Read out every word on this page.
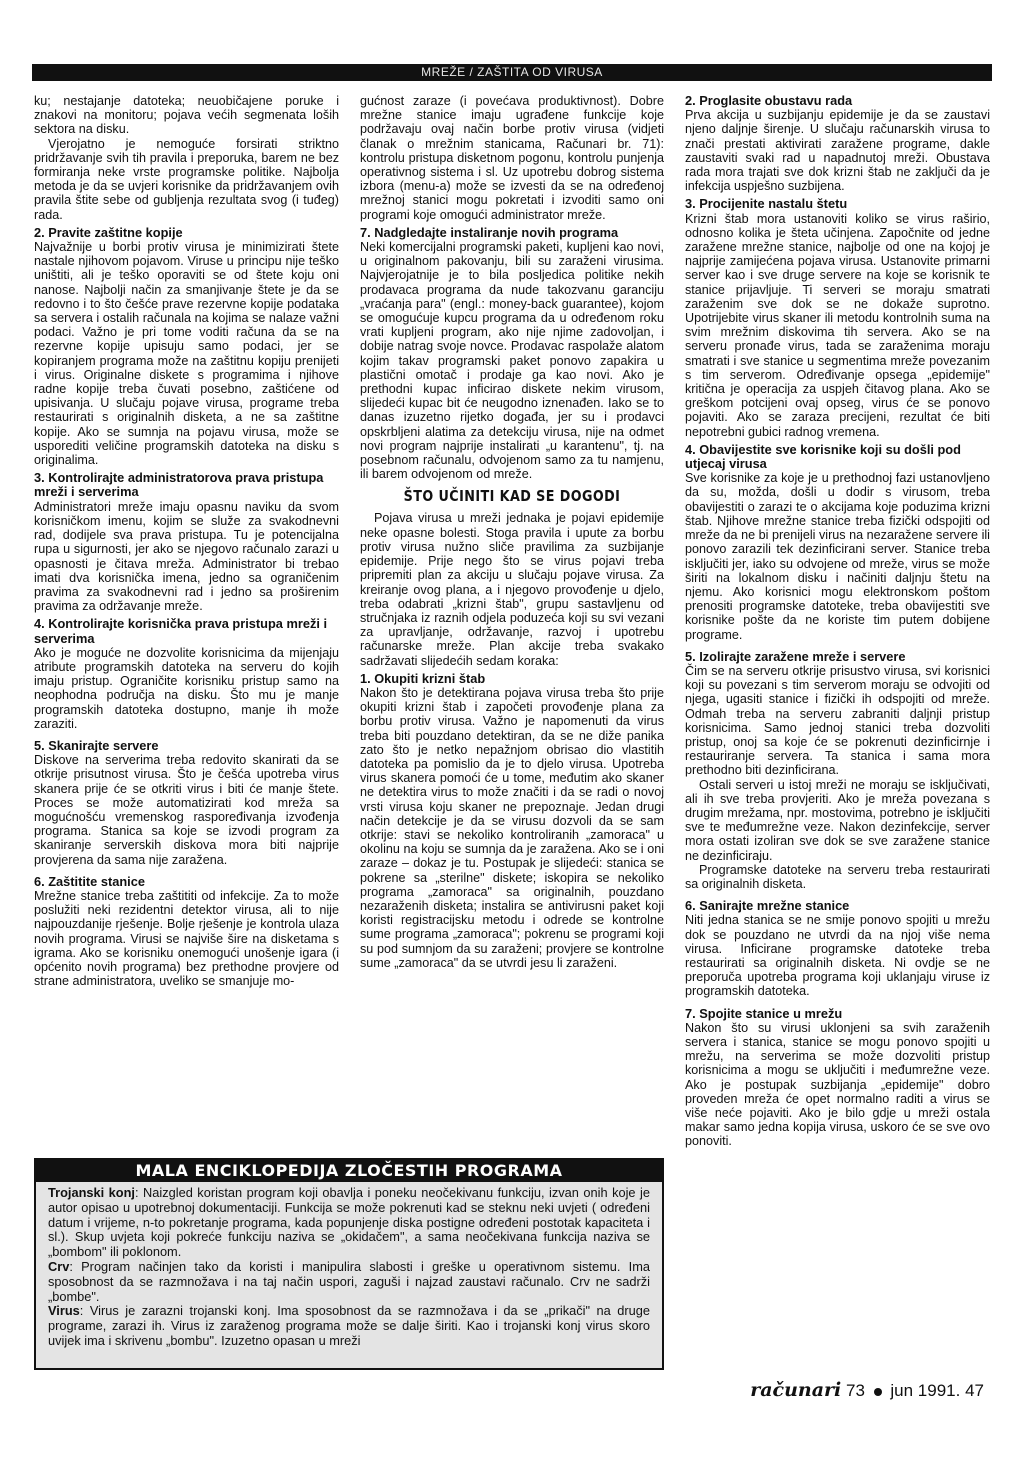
MREŽE / ZAŠTITA OD VIRUSA

ku; nestajanje datoteka; neuobičajene poruke i znakovi na monitoru; pojava većih segmenata loših sektora na disku.

Vjerojatno je nemoguće forsirati striktno pridržavanje svih tih pravila i preporuka, barem ne bez formiranja neke vrste programske politike. Najbolja metoda je da se uvjeri korisnike da pridržavanjem ovih pravila štite sebe od gubljenja rezultata svog (i tuđeg) rada.

2. Pravite zaštitne kopije

Najvažnije u borbi protiv virusa je minimizirati štete nastale njihovom pojavom. Viruse u principu nije teško uništiti, ali je teško oporaviti se od štete koju oni nanose. Najbolji način za smanjivanje štete je da se redovno i to što češće prave rezervne kopije podataka sa servera i ostalih računala na kojima se nalaze važni podaci. Važno je pri tome voditi računa da se na rezervne kopije upisuju samo podaci, jer se kopiranjem programa može na zaštitnu kopiju prenijeti i virus. Originalne diskete s programima i njihove radne kopije treba čuvati posebno, zaštićene od upisivanja. U slučaju pojave virusa, programe treba restaurirati s originalnih disketa, a ne sa zaštitne kopije. Ako se sumnja na pojavu virusa, može se usporediti veličine programskih datoteka na disku s originalima.

3. Kontrolirajte administratorova prava pristupa mreži i serverima

Administratori mreže imaju opasnu naviku da svom korisničkom imenu, kojim se služe za svakodnevni rad, dodijele sva prava pristupa. Tu je potencijalna rupa u sigurnosti, jer ako se njegovo računalo zarazi u opasnosti je čitava mreža. Administrator bi trebao imati dva korisnička imena, jedno sa ograničenim pravima za svakodnevni rad i jedno sa proširenim pravima za održavanje mreže.

4. Kontrolirajte korisnička prava pristupa mreži i serverima

Ako je moguće ne dozvolite korisnicima da mijenjaju atribute programskih datoteka na serveru do kojih imaju pristup. Ograničite korisniku pristup samo na neophodna područja na disku. Što mu je manje programskih datoteka dostupno, manje ih može zaraziti.

5. Skanirajte servere

Diskove na serverima treba redovito skanirati da se otkrije prisutnost virusa. Što je češća upotreba virus skanera prije će se otkriti virus i biti će manje štete. Proces se može automatizirati kod mreža sa mogućnošću vremenskog raspoređivanja izvođenja programa. Stanica sa koje se izvodi program za skaniranje serverskih diskova mora biti najprije provjerena da sama nije zaražena.

6. Zaštitite stanice

Mrežne stanice treba zaštititi od infekcije. Za to može poslužiti neki rezidentni detektor virusa, ali to nije najpouzdanije rješenje. Bolje rješenje je kontrola ulaza novih programa. Virusi se najviše šire na disketama s igrama. Ako se korisniku onemogući unošenje igara (i općenito novih programa) bez prethodne provjere od strane administratora, uveliko se smanjuje mo-

gućnost zaraze (i povećava produktivnost). Dobre mrežne stanice imaju ugrađene funkcije koje podržavaju ovaj način borbe protiv virusa (vidjeti članak o mrežnim stanicama, Računari br. 71): kontrolu pristupa disketnom pogonu, kontrolu punjenja operativnog sistema i sl. Uz upotrebu dobrog sistema izbora (menu-a) može se izvesti da se na određenoj mrežnoj stanici mogu pokretati i izvoditi samo oni programi koje omogući administrator mreže.

7. Nadgledajte instaliranje novih programa

Neki komercijalni programski paketi, kupljeni kao novi, u originalnom pakovanju, bili su zaraženi virusima. Najvjerojatnije je to bila posljedica politike nekih prodavaca programa da nude takozvanu garanciju „vraćanja para" (engl.: money-back guarantee), kojom se omogućuje kupcu programa da u određenom roku vrati kupljeni program, ako nije njime zadovoljan, i dobije natrag svoje novce. Prodavac raspolaže alatom kojim takav programski paket ponovo zapakira u plastični omotač i prodaje ga kao novi. Ako je prethodni kupac inficirao diskete nekim virusom, slijedeći kupac bit će neugodno iznenađen. Iako se to danas izuzetno rijetko događa, jer su i prodavci opskrbljeni alatima za detekciju virusa, nije na odmet novi program najprije instalirati „u karantenu", tj. na posebnom računalu, odvojenom samo za tu namjenu, ili barem odvojenom od mreže.

ŠTO UČINITI KAD SE DOGODI

Pojava virusa u mreži jednaka je pojavi epidemije neke opasne bolesti. Stoga pravila i upute za borbu protiv virusa nužno sliče pravilima za suzbijanje epidemije. Prije nego što se virus pojavi treba pripremiti plan za akciju u slučaju pojave virusa. Za kreiranje ovog plana, a i njegovo provođenje u djelo, treba odabrati „krizni štab", grupu sastavljenu od stručnjaka iz raznih odjela poduzeća koji su svi vezani za upravljanje, održavanje, razvoj i upotrebu računarske mreže. Plan akcije treba svakako sadržavati slijedećih sedam koraka:

1. Okupiti krizni štab

Nakon što je detektirana pojava virusa treba što prije okupiti krizni štab i započeti provođenje plana za borbu protiv virusa. Važno je napomenuti da virus treba biti pouzdano detektiran, da se ne diže panika zato što je netko nepažnjom obrisao dio vlastitih datoteka pa pomislio da je to djelo virusa. Upotreba virus skanera pomoći će u tome, međutim ako skaner ne detektira virus to može značiti i da se radi o novoj vrsti virusa koju skaner ne prepoznaje. Jedan drugi način detekcije je da se virusu dozvoli da se sam otkrije: stavi se nekoliko kontroliranih „zamoraca" u okolinu na koju se sumnja da je zaražena. Ako se i oni zaraze – dokaz je tu. Postupak je slijedeći: stanica se pokrene sa „sterilne" diskete; iskopira se nekoliko programa „zamoraca" sa originalnih, pouzdano nezaraženih disketa; instalira se antivirusni paket koji koristi registracijsku metodu i odrede se kontrolne sume programa „zamoraca"; pokrenu se programi koji su pod sumnjom da su zaraženi; provjere se kontrolne sume „zamoraca" da se utvrdi jesu li zaraženi.

2. Proglasite obustavu rada

Prva akcija u suzbijanju epidemije je da se zaustavi njeno daljnje širenje. U slučaju računarskih virusa to znači prestati aktivirati zaražene programe, dakle zaustaviti svaki rad u napadnutoj mreži. Obustava rada mora trajati sve dok krizni štab ne zaključi da je infekcija uspješno suzbijena.

3. Procijenite nastalu štetu

Krizni štab mora ustanoviti koliko se virus raširio, odnosno kolika je šteta učinjena. Započnite od jedne zaražene mrežne stanice, najbolje od one na kojoj je najprije zamijećena pojava virusa. Ustanovite primarni server kao i sve druge servere na koje se korisnik te stanice prijavljuje. Ti serveri se moraju smatrati zaraženim sve dok se ne dokaže suprotno. Upotrijebite virus skaner ili metodu kontrolnih suma na svim mrežnim diskovima tih servera. Ako se na serveru pronađe virus, tada se zaraženima moraju smatrati i sve stanice u segmentima mreže povezanim s tim serverom. Određivanje opsega „epidemije" kritična je operacija za uspjeh čitavog plana. Ako se greškom potcijeni ovaj opseg, virus će se ponovo pojaviti. Ako se zaraza precijeni, rezultat će biti nepotrebni gubici radnog vremena.

4. Obavijestite sve korisnike koji su došli pod utjecaj virusa

Sve korisnike za koje je u prethodnoj fazi ustanovljeno da su, možda, došli u dodir s virusom, treba obavijestiti o zarazi te o akcijama koje poduzima krizni štab. Njihove mrežne stanice treba fizički odspojiti od mreže da ne bi prenijeli virus na nezaražene servere ili ponovo zarazili tek dezinficirani server. Stanice treba isključiti jer, iako su odvojene od mreže, virus se može širiti na lokalnom disku i načiniti daljnju štetu na njemu. Ako korisnici mogu elektronskom poštom prenositi programske datoteke, treba obavijestiti sve korisnike pošte da ne koriste tim putem dobijene programe.

5. Izolirajte zaražene mreže i servere

Čim se na serveru otkrije prisustvo virusa, svi korisnici koji su povezani s tim serverom moraju se odvojiti od njega, ugasiti stanice i fizički ih odspojiti od mreže. Odmah treba na serveru zabraniti daljnji pristup korisnicima. Samo jednoj stanici treba dozvoliti pristup, onoj sa koje će se pokrenuti dezinficirnje i restauriranje servera. Ta stanica i sama mora prethodno biti dezinficirana.

Ostali serveri u istoj mreži ne moraju se isključivati, ali ih sve treba provjeriti. Ako je mreža povezana s drugim mrežama, npr. mostovima, potrebno je isključiti sve te međumrežne veze. Nakon dezinfekcije, server mora ostati izoliran sve dok se sve zaražene stanice ne dezinficiraju.

Programske datoteke na serveru treba restaurirati sa originalnih disketa.

6. Sanirajte mrežne stanice

Niti jedna stanica se ne smije ponovo spojiti u mrežu dok se pouzdano ne utvrdi da na njoj više nema virusa. Inficirane programske datoteke treba restaurirati sa originalnih disketa. Ni ovdje se ne preporuča upotreba programa koji uklanjaju viruse iz programskih datoteka.

7. Spojite stanice u mrežu

Nakon što su virusi uklonjeni sa svih zaraženih servera i stanica, stanice se mogu ponovo spojiti u mrežu, na serverima se može dozvoliti pristup korisnicima a mogu se uključiti i međumrežne veze. Ako je postupak suzbijanja „epidemije" dobro proveden mreža će opet normalno raditi a virus se više neće pojaviti. Ako je bilo gdje u mreži ostala makar samo jedna kopija virusa, uskoro će se sve ovo ponoviti.

MALA ENCIKLOPEDIJA ZLOČESTIH PROGRAMA

Trojanski konj: Naizgled koristan program koji obavlja i poneku neočekivanu funkciju, izvan onih koje je autor opisao u upotrebnoj dokumentaciji. Funkcija se može pokrenuti kad se steknu neki uvjeti ( određeni datum i vrijeme, n-to pokretanje programa, kada popunjenje diska postigne određeni postotak kapaciteta i sl.). Skup uvjeta koji pokreće funkciju naziva se „okidačem", a sama neočekivana funkcija naziva se „bombom" ili poklonom.

Crv: Program načinjen tako da koristi i manipulira slabosti i greške u operativnom sistemu. Ima sposobnost da se razmnožava i na taj način uspori, zaguši i najzad zaustavi računalo. Crv ne sadrži „bombe".

Virus: Virus je zarazni trojanski konj. Ima sposobnost da se razmnožava i da se „prikači" na druge programe, zarazi ih. Virus iz zaraženog programa može se dalje širiti. Kao i trojanski konj virus skoro uvijek ima i skrivenu „bombu". Izuzetno opasan u mreži

računari 73 jun 1991. 47
